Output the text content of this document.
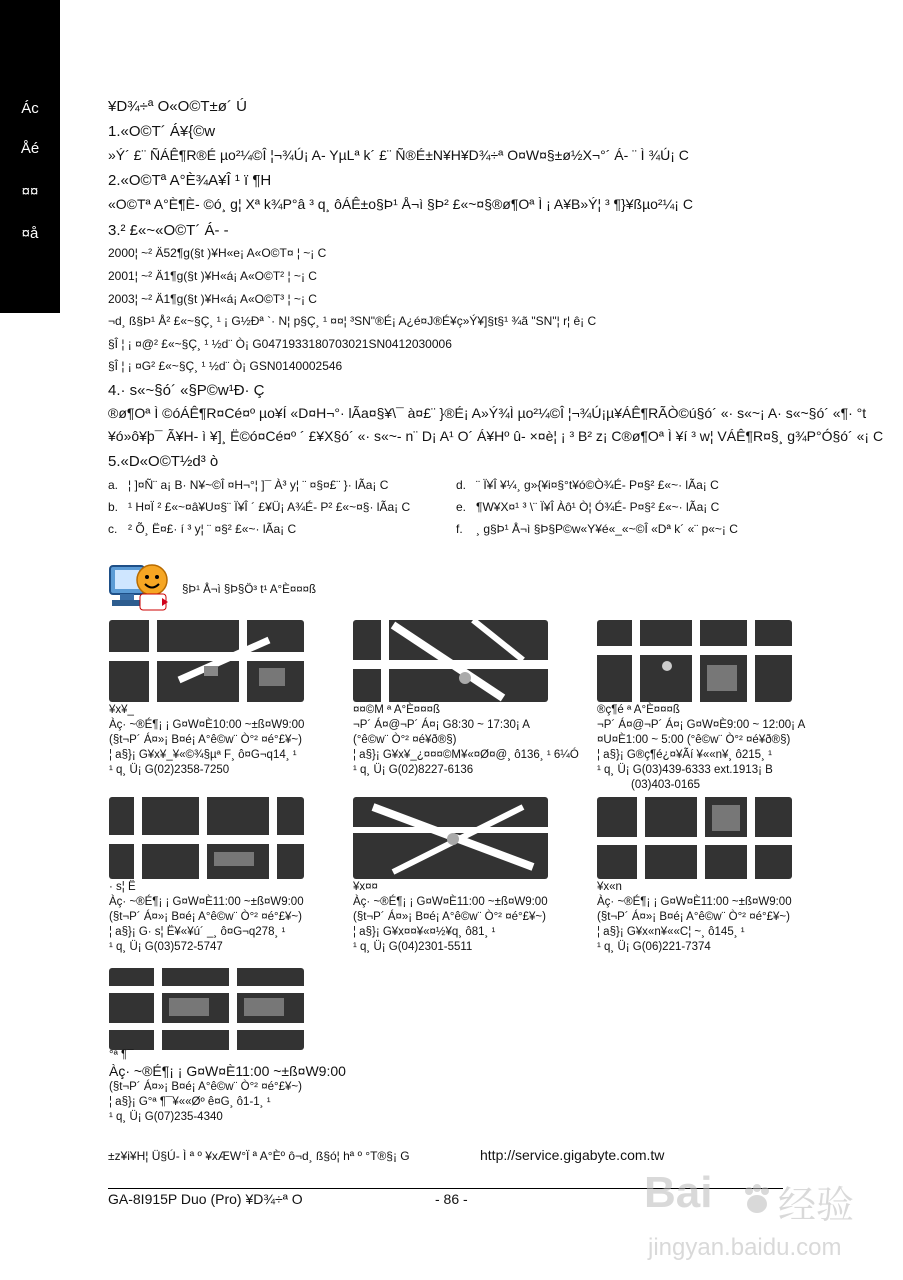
Ác
Åé
¤¤
¤å
¥D¾÷ª O«O©T±ø´ Ú
1.«O©T´ Á¥{©w
»Ý´ £¨ ÑÁÊ¶R®É µo²¼©Î ¦¬¾Ú¡ A- YµLª k´ £¨ Ñ®É±N¥H¥D¾÷ª O¤W¤§±ø½X¬°´ Á- ¨ Ì ¾Ú¡ C
2.«O©Tª A°È¾A¥Î ¹ ï ¶H
«O©Tª A°È¶È- ©ó¸ g¦ Xª k¾P°â ³ q¸ ôÁÊ±o§Þ¹ Å¬ì §Þ² £«~¤§®ø¶Oª Ì ¡ A¥B»Ý¦ ³ ¶}¥ßµo²¼¡ C
3.² £«~«O©T´ Á- -
2000¦ ~² Ä52¶g(§t )¥H«e¡ A«O©T¤ ¦ ~¡ C
2001¦ ~² Ä1¶g(§t )¥H«á¡ A«O©T² ¦ ~¡ C
2003¦ ~² Ä1¶g(§t )¥H«á¡ A«O©T³ ¦ ~¡ C
¬d¸ ß§Þ¹ Å² £«~§Ç¸ ¹ ¡ G½Ðª `· N¦ p§Ç¸ ¹ ¤¤¦ ³SN"®É¡ A¿é¤J®É¥ç»Ý¥]§t§¹ ¾ã "SN"¦ r¦ ê¡ C
§Î ¦ ¡ ¤@² £«~§Ç¸ ¹ ½d¨ Ò¡ G0471933180703021SN0412030006
§Î ¦ ¡ ¤G² £«~§Ç¸ ¹ ½d¨ Ò¡ GSN0140002546
4.· s«~§ó´ «§P©w¹Ð· Ç
®ø¶Oª Ì ©óÁÊ¶R¤Cé¤º µo¥Í «D¤H¬°· lÃa¤§¥\¯ à¤£¨ }®É¡ A»Ý¾Ì µo²¼©Î ¦¬¾Ú¡µ¥ÁÊ¶RÃÒ©ú§ó´ «· s«~¡ A· s«~§ó´ «¶· °t
¥ó»ô¥þ¯ Ã¥H- ì ¥]¸ Ë©ó¤Cé¤º ´ £¥X§ó´ «· s«~- n¨ D¡ A¹ O´ Á¥Hº û- ×¤è¦ ¡ ³ B² z¡ C®ø¶Oª Ì ¥í ³ w¦ VÁÊ¶R¤§¸ g¾P°Ó§ó´ «¡ C
5.«D«O©T½d³ ò
a. ¦ ]¤Ñ¨ a¡ B· N¥~©Î ¤H¬°¦ ]¯ À³ y¦ ¨ ¤§¤£¨ }· lÃa¡ C	d. ¨ Ï¥Î ¥¼¸ g»{¥i¤§°t¥ó©Ò¾É- P¤§² £«~· lÃa¡ C
b. ¹ H¤Ï ² £«~¤â¥U¤§¨ Ï¥Î ´ £¥Ü¡ A¾É- P² £«~¤§· lÃa¡ C	e. ¶W¥X¤¹ ³ \¨ Ï¥Î Àô¹ Ò¦ Ó¾É- P¤§² £«~· lÃa¡ C
c. ² Õ¸ Ë¤£· í ³ y¦ ¨ ¤§² £«~· lÃa¡ C	f. ¸ g§Þ¹ Å¬ì §Þ§P©w«Y¥é«_«~©Î «Dª k´ «¨ p«~¡ C
§Þ¹ Å¬ì §Þ§Ö³ t¹ A°È¤¤¤ß
¥x¥_
Àç· ~®É¶¡ ¡ G¤W¤È10:00 ~±ß¤W9:00
(§t¬P´ Á¤»¡ B¤é¡ A°ê©w¨ Ò°² ¤é°£¥~)
¦ a§}¡ G¥x¥_¥«©¾§µª F¸ ô¤G¬q14¸ ¹
¹ q¸ Ü¡ G(02)2358-7250
¤¤©M ª A°È¤¤¤ß
¬P´ Á¤@¬P´ Á¤¡ G8:30 ~ 17:30¡ A
(°ê©w¨ Ò°² ¤é¥ð®§)
¦ a§}¡ G¥x¥_¿¤¤¤©M¥«¤Ø¤@¸ ô136¸ ¹ 6¼Ó
¹ q¸ Ü¡ G(02)8227-6136
®ç¶é ª A°È¤¤¤ß
¬P´ Á¤@¬P´ Á¤¡ G¤W¤È9:00 ~ 12:00¡ A
¤U¤È1:00 ~ 5:00 (°ê©w¨ Ò°² ¤é¥ð®§)
¦ a§}¡ G®ç¶é¿¤¥Ãí ¥««n¥¸ ô215¸ ¹
¹ q¸ Ü¡ G(03)439-6333 ext.1913¡ B
(03)403-0165
· s¦ Ë
Àç· ~®É¶¡ ¡ G¤W¤È11:00 ~±ß¤W9:00
(§t¬P´ Á¤»¡ B¤é¡ A°ê©w¨ Ò°² ¤é°£¥~)
¦ a§}¡ G· s¦ Ë¥«¥ú´ _¸ ô¤G¬q278¸ ¹
¹ q¸ Ü¡ G(03)572-5747
¥x¤¤
Àç· ~®É¶¡ ¡ G¤W¤È11:00 ~±ß¤W9:00
(§t¬P´ Á¤»¡ B¤é¡ A°ê©w¨ Ò°² ¤é°£¥~)
¦ a§}¡ G¥x¤¤¥«¤½¥q¸ ô81¸ ¹
¹ q¸ Ü¡ G(04)2301-5511
¥x«n
Àç· ~®É¶¡ ¡ G¤W¤È11:00 ~±ß¤W9:00
(§t¬P´ Á¤»¡ B¤é¡ A°ê©w¨ Ò°² ¤é°£¥~)
¦ a§}¡ G¥x«n¥««C¦ ~¸ ô145¸ ¹
¹ q¸ Ü¡ G(06)221-7374
°ª ¶¯
Àç· ~®É¶¡ ¡ G¤W¤È11:00 ~±ß¤W9:00
(§t¬P´ Á¤»¡ B¤é¡ A°ê©w¨ Ò°² ¤é°£¥~)
¦ a§}¡ G°ª ¶¯¥««Øº ê¤G¸ ô1-1¸ ¹
¹ q¸ Ü¡ G(07)235-4340
±z¥i¥H¦ Ü§Ú- Ì ª º ¥xÆW°Ï ª A°Èº ô¬d¸ ß§ó¦ hª º °T®§¡ G	http://service.gigabyte.com.tw
GA-8I915P Duo (Pro) ¥D¾÷ª O	- 86 -	Bai 经验
jingyan.baidu.com
